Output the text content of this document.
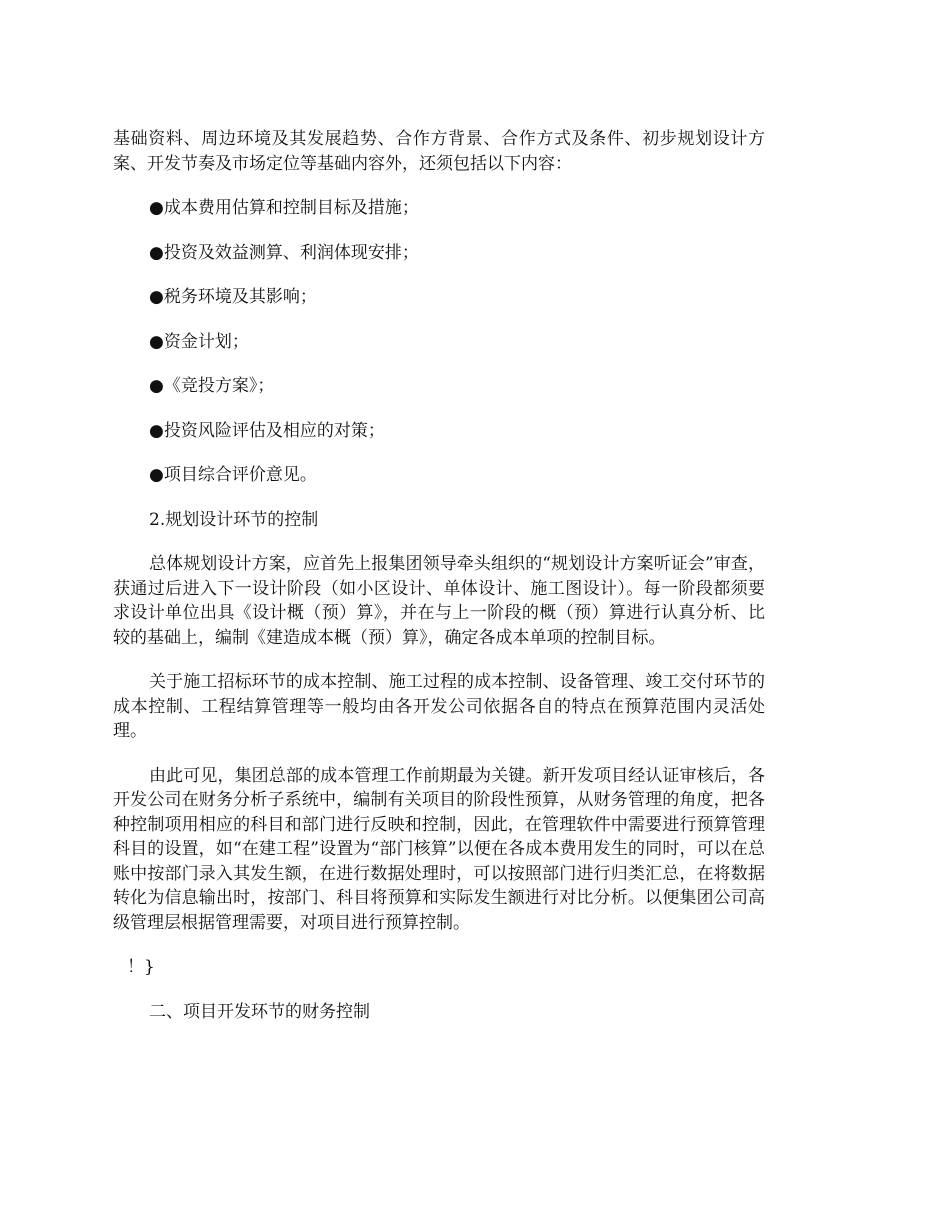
基础资料、周边环境及其发展趋势、合作方背景、合作方式及条件、初步规划设计方案、开发节奏及市场定位等基础内容外，还须包括以下内容：

●成本费用估算和控制目标及措施；

●投资及效益测算、利润体现安排；

●税务环境及其影响；

●资金计划；

●《竞投方案》；

●投资风险评估及相应的对策；

●项目综合评价意见。

2.规划设计环节的控制

总体规划设计方案，应首先上报集团领导牵头组织的“规划设计方案听证会”审查，获通过后进入下一设计阶段（如小区设计、单体设计、施工图设计）。每一阶段都须要求设计单位出具《设计概（预）算》，并在与上一阶段的概（预）算进行认真分析、比较的基础上，编制《建造成本概（预）算》，确定各成本单项的控制目标。

关于施工招标环节的成本控制、施工过程的成本控制、设备管理、竣工交付环节的成本控制、工程结算管理等一般均由各开发公司依据各自的特点在预算范围内灵活处理。

由此可见，集团总部的成本管理工作前期最为关键。新开发项目经认证审核后，各开发公司在财务分析子系统中，编制有关项目的阶段性预算，从财务管理的角度，把各种控制项用相应的科目和部门进行反映和控制，因此，在管理软件中需要进行预算管理科目的设置，如“在建工程”设置为“部门核算”以便在各成本费用发生的同时，可以在总账中按部门录入其发生额，在进行数据处理时，可以按照部门进行归类汇总，在将数据转化为信息输出时，按部门、科目将预算和实际发生额进行对比分析。以便集团公司高级管理层根据管理需要，对项目进行预算控制。

！}

二、项目开发环节的财务控制
